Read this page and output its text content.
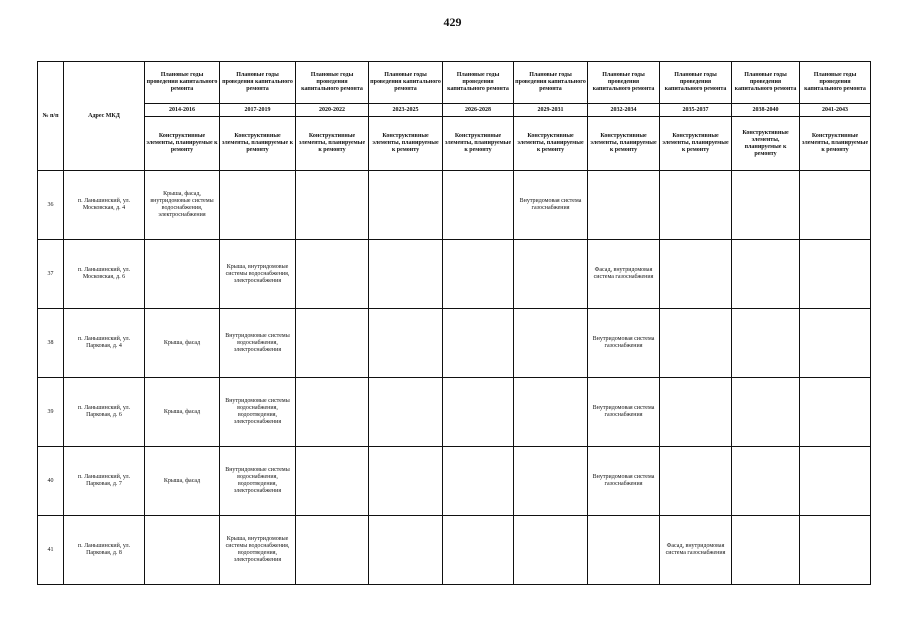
429
№ п/п	Адрес МКД	Плановые годы проведения капитального ремонта	Плановые годы проведения капитального ремонта	Плановые годы проведения капитального ремонта	Плановые годы проведения капитального ремонта	Плановые годы проведения капитального ремонта	Плановые годы проведения капитального ремонта	Плановые годы проведения капитального ремонта	Плановые годы проведения капитального ремонта	Плановые годы проведения капитального ремонта	Плановые годы проведения капитального ремонта
		2014-2016	2017-2019	2020-2022	2023-2025	2026-2028	2029-2031	2032-2034	2035-2037	2038-2040	2041-2043
		Конструктивные элементы, планируемые к ремонту	Конструктивные элементы, планируемые к ремонту	Конструктивные элементы, планируемые к ремонту	Конструктивные элементы, планируемые к ремонту	Конструктивные элементы, планируемые к ремонту	Конструктивные элементы, планируемые к ремонту	Конструктивные элементы, планируемые к ремонту	Конструктивные элементы, планируемые к ремонту	Конструктивные элементы, планируемые к ремонту	Конструктивные элементы, планируемые к ремонту
36	п. Ланьшинский, ул. Московская, д. 4	Крыша, фасад, внутридомовые системы водоснабжения, электроснабжения					Внутридомовая система газоснабжения				
37	п. Ланьшинский, ул. Московская, д. 6		Крыша, внутридомовые системы водоснабжения, электроснабжения					Фасад, внутридомовая система газоснабжения			
38	п. Ланьшинский, ул. Парковая, д. 4	Крыша, фасад	Внутридомовые системы водоснабжения, электроснабжения					Внутридомовая система газоснабжения			
39	п. Ланьшинский, ул. Парковая, д. 6	Крыша, фасад	Внутридомовые системы водоснабжения, водоотведения, электроснабжения					Внутридомовая система газоснабжения			
40	п. Ланьшинский, ул. Парковая, д. 7	Крыша, фасад	Внутридомовые системы водоснабжения, водоотведения, электроснабжения					Внутридомовая система газоснабжения			
41	п. Ланьшинский, ул. Парковая, д. 8		Крыша, внутридомовые системы водоснабжения, водоотведения, электроснабжения						Фасад, внутридомовая система газоснабжения		
